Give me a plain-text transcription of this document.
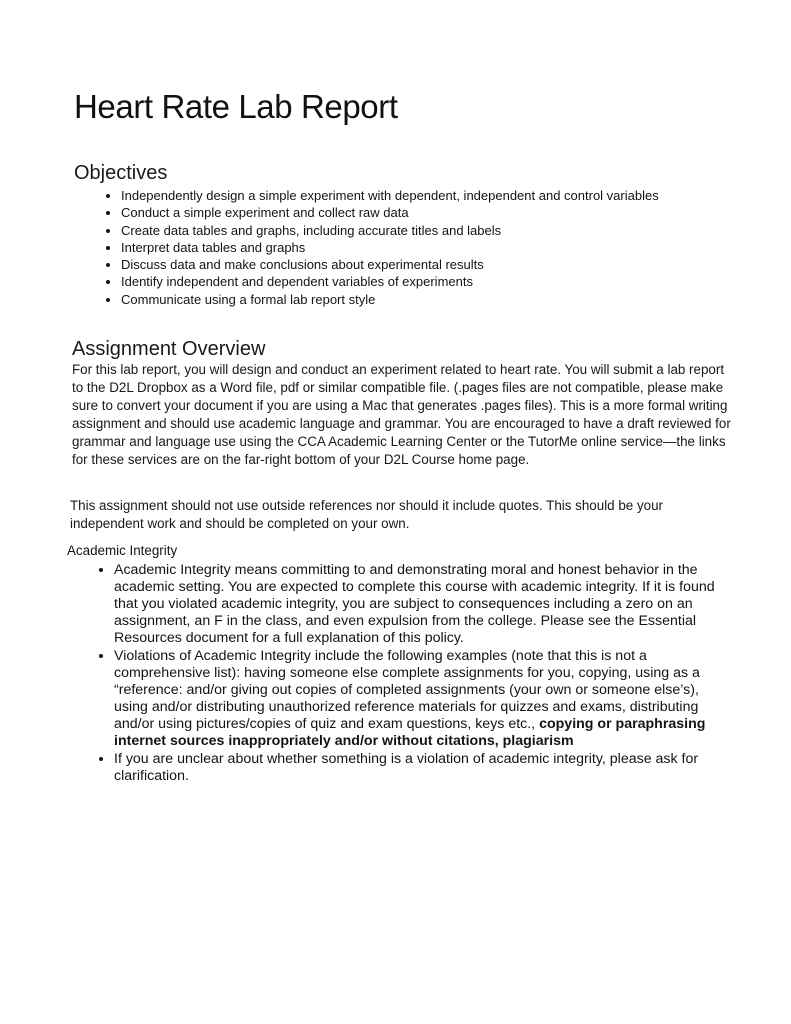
Heart Rate Lab Report
Objectives
• Independently design a simple experiment with dependent, independent and control variables
• Conduct a simple experiment and collect raw data
• Create data tables and graphs, including accurate titles and labels
• Interpret data tables and graphs
• Discuss data and make conclusions about experimental results
• Identify independent and dependent variables of experiments
• Communicate using a formal lab report style
Assignment Overview

For this lab report, you will design and conduct an experiment related to heart rate. You will submit a lab report to the D2L Dropbox as a Word file, pdf or similar compatible file. (.pages files are not compatible, please make sure to convert your document if you are using a Mac that generates .pages files). This is a more formal writing assignment and should use academic language and grammar. You are encouraged to have a draft reviewed for grammar and language use using the CCA Academic Learning Center or the TutorMe online service—the links for these services are on the far-right bottom of your D2L Course home page.

This assignment should not use outside references nor should it include quotes. This should be your independent work and should be completed on your own.

Academic Integrity
• Academic Integrity means committing to and demonstrating moral and honest behavior in the academic setting. You are expected to complete this course with academic integrity. If it is found that you violated academic integrity, you are subject to consequences including a zero on an assignment, an F in the class, and even expulsion from the college. Please see the Essential Resources document for a full explanation of this policy.
• Violations of Academic Integrity include the following examples (note that this is not a comprehensive list): having someone else complete assignments for you, copying, using as a “reference: and/or giving out copies of completed assignments (your own or someone else’s), using and/or distributing unauthorized reference materials for quizzes and exams, distributing and/or using pictures/copies of quiz and exam questions, keys etc., copying or paraphrasing internet sources inappropriately and/or without citations, plagiarism
• If you are unclear about whether something is a violation of academic integrity, please ask for clarification.
